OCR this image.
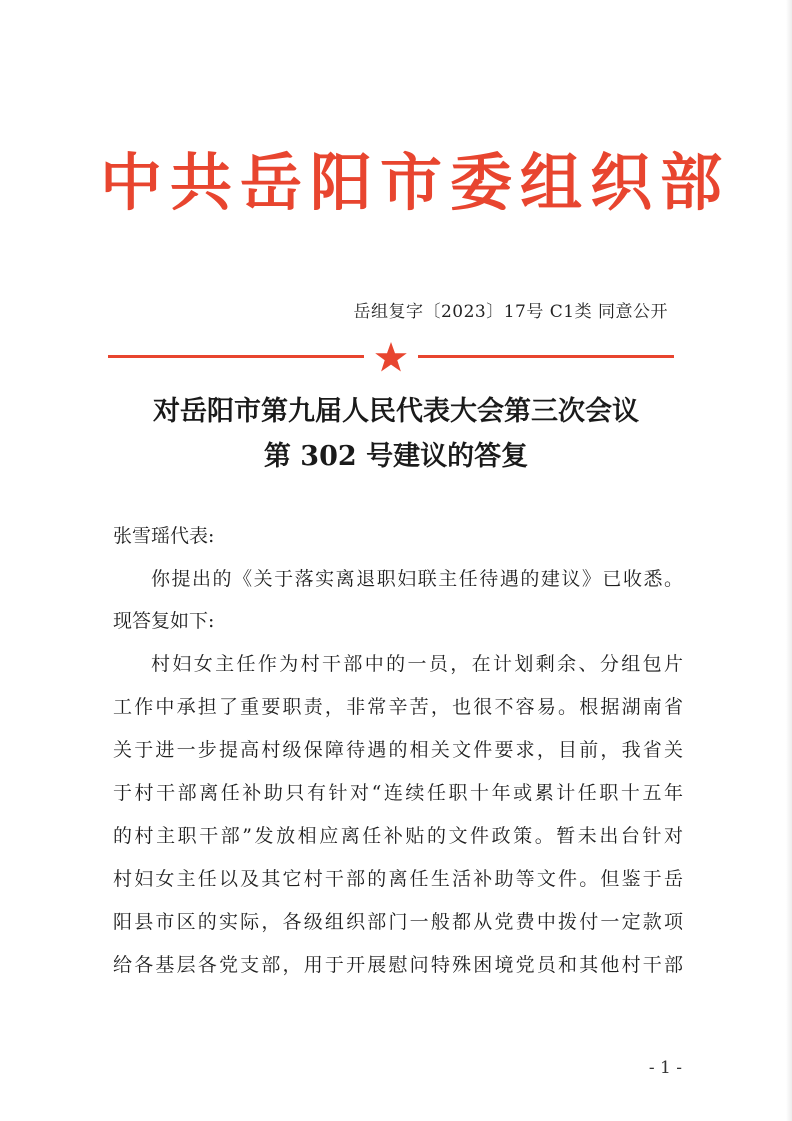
中共岳阳市委组织部
岳组复字〔2023〕17号 C1类 同意公开
对岳阳市第九届人民代表大会第三次会议
第 302 号建议的答复
张雪瑶代表:
你提出的《关于落实离退职妇联主任待遇的建议》已收悉。
现答复如下:
村妇女主任作为村干部中的一员，在计划剩余、分组包片
工作中承担了重要职责，非常辛苦，也很不容易。根据湖南省
关于进一步提高村级保障待遇的相关文件要求，目前，我省关
于村干部离任补助只有针对“连续任职十年或累计任职十五年
的村主职干部”发放相应离任补贴的文件政策。暂未出台针对
村妇女主任以及其它村干部的离任生活补助等文件。但鉴于岳
阳县市区的实际，各级组织部门一般都从党费中拨付一定款项
给各基层各党支部，用于开展慰问特殊困境党员和其他村干部
- 1 -
